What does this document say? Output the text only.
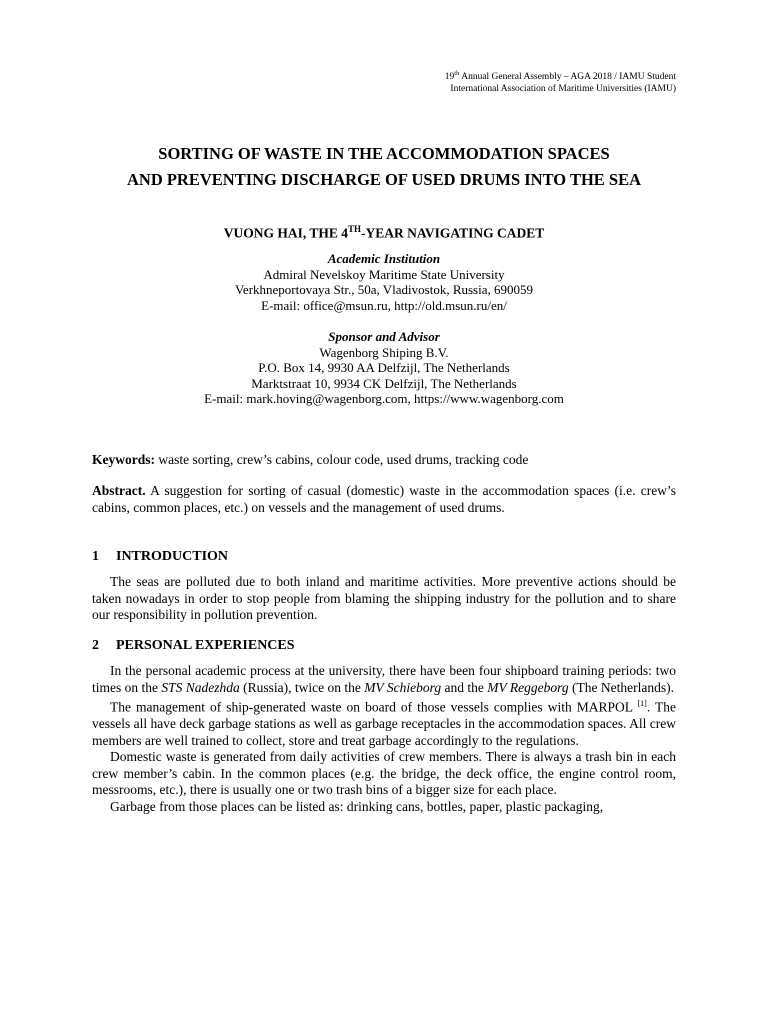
19th Annual General Assembly – AGA 2018 / IAMU Student
International Association of Maritime Universities (IAMU)
SORTING OF WASTE IN THE ACCOMMODATION SPACES
AND PREVENTING DISCHARGE OF USED DRUMS INTO THE SEA
VUONG HAI, THE 4TH-YEAR NAVIGATING CADET
Academic Institution
Admiral Nevelskoy Maritime State University
Verkhneportovaya Str., 50a, Vladivostok, Russia, 690059
E-mail: office@msun.ru, http://old.msun.ru/en/
Sponsor and Advisor
Wagenborg Shiping B.V.
P.O. Box 14, 9930 AA Delfzijl, The Netherlands
Marktstraat 10, 9934 CK Delfzijl, The Netherlands
E-mail: mark.hoving@wagenborg.com, https://www.wagenborg.com

Keywords: waste sorting, crew’s cabins, colour code, used drums, tracking code

Abstract. A suggestion for sorting of casual (domestic) waste in the accommodation spaces (i.e. crew’s cabins, common places, etc.) on vessels and the management of used drums.

1 INTRODUCTION

The seas are polluted due to both inland and maritime activities. More preventive actions should be taken nowadays in order to stop people from blaming the shipping industry for the pollution and to share our responsibility in pollution prevention.

2 PERSONAL EXPERIENCES

In the personal academic process at the university, there have been four shipboard training periods: two times on the STS Nadezhda (Russia), twice on the MV Schieborg and the MV Reggeborg (The Netherlands).

The management of ship-generated waste on board of those vessels complies with MARPOL [1]. The vessels all have deck garbage stations as well as garbage receptacles in the accommodation spaces. All crew members are well trained to collect, store and treat garbage accordingly to the regulations.

Domestic waste is generated from daily activities of crew members. There is always a trash bin in each crew member’s cabin. In the common places (e.g. the bridge, the deck office, the engine control room, messrooms, etc.), there is usually one or two trash bins of a bigger size for each place.

Garbage from those places can be listed as: drinking cans, bottles, paper, plastic packaging,
